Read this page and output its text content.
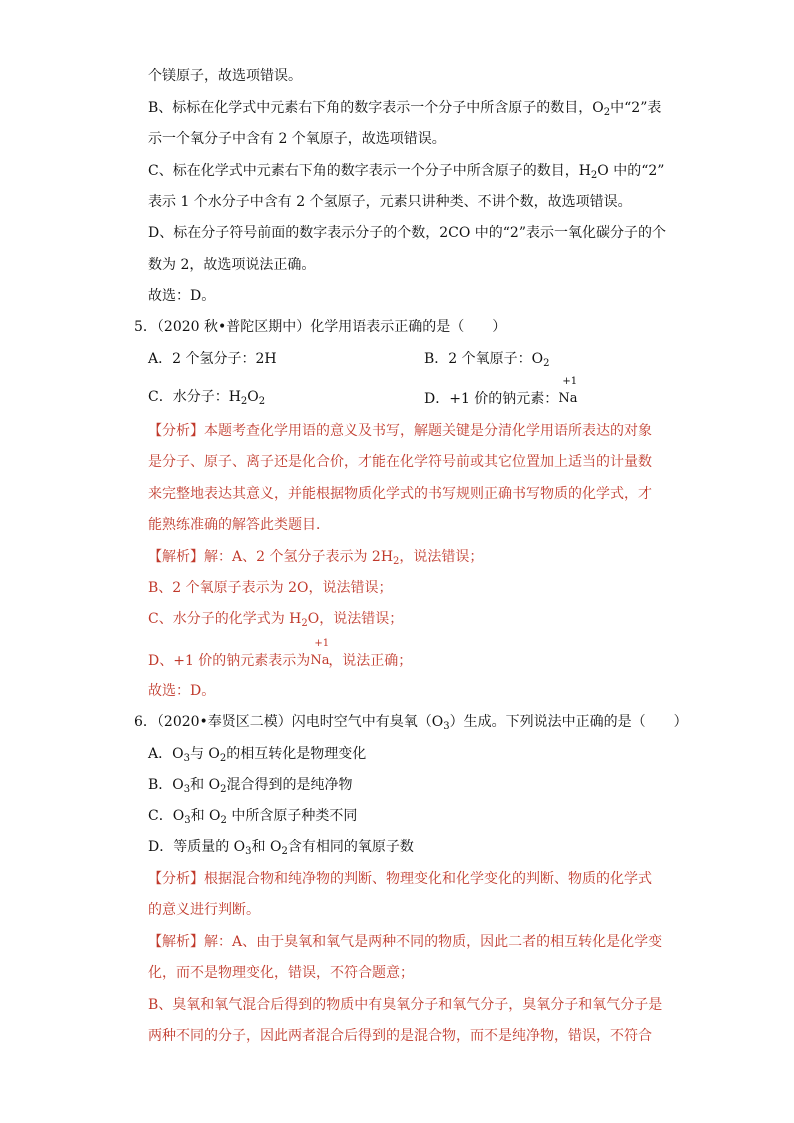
个镁原子，故选项错误。
B、标标在化学式中元素右下角的数字表示一个分子中所含原子的数目，$O_2$中“2”表
示一个氧分子中含有 2 个氧原子，故选项错误。
C、标在化学式中元素右下角的数字表示一个分子中所含原子的数目，$H_2O$ 中的“2”
表示 1 个水分子中含有 2 个氢原子，元素只讲种类、不讲个数，故选项错误。
D、标在分子符号前面的数字表示分子的个数，2CO 中的“2”表示一氧化碳分子的个
数为 2，故选项说法正确。
故选：D。
5．（2020 秋•普陀区期中）化学用语表示正确的是（　　）
A．2 个氢分子：2H	B．2 个氧原子：$O_2$
C．水分子：$H_2O_2$	D．+1 价的钠元素：
+1
Na
【分析】本题考查化学用语的意义及书写，解题关键是分清化学用语所表达的对象
是分子、原子、离子还是化合价，才能在化学符号前或其它位置加上适当的计量数
来完整地表达其意义，并能根据物质化学式的书写规则正确书写物质的化学式，才
能熟练准确的解答此类题目．
【解析】解：A、2 个氢分子表示为 $2H_2$，说法错误；
B、2 个氧原子表示为 2O，说法错误；
C、水分子的化学式为 $H_2O$，说法错误；
D、+1 价的钠元素表示为
+1
Na
，说法正确；
故选：D。
6．（2020•奉贤区二模）闪电时空气中有臭氧$(O_3)$生成。下列说法中正确的是（　　）
A．$O_3$与 $O_2$的相互转化是物理变化
B．$O_3$和 $O_2$混合得到的是纯净物
C．$O_3$和 $O_2$ 中所含原子种类不同
D．等质量的 $O_3$和 $O_2$含有相同的氧原子数
【分析】根据混合物和纯净物的判断、物理变化和化学变化的判断、物质的化学式
的意义进行判断。
【解析】解：A、由于臭氧和氧气是两种不同的物质，因此二者的相互转化是化学变
化，而不是物理变化，错误，不符合题意；
B、臭氧和氧气混合后得到的物质中有臭氧分子和氧气分子，臭氧分子和氧气分子是
两种不同的分子，因此两者混合后得到的是混合物，而不是纯净物，错误，不符合
